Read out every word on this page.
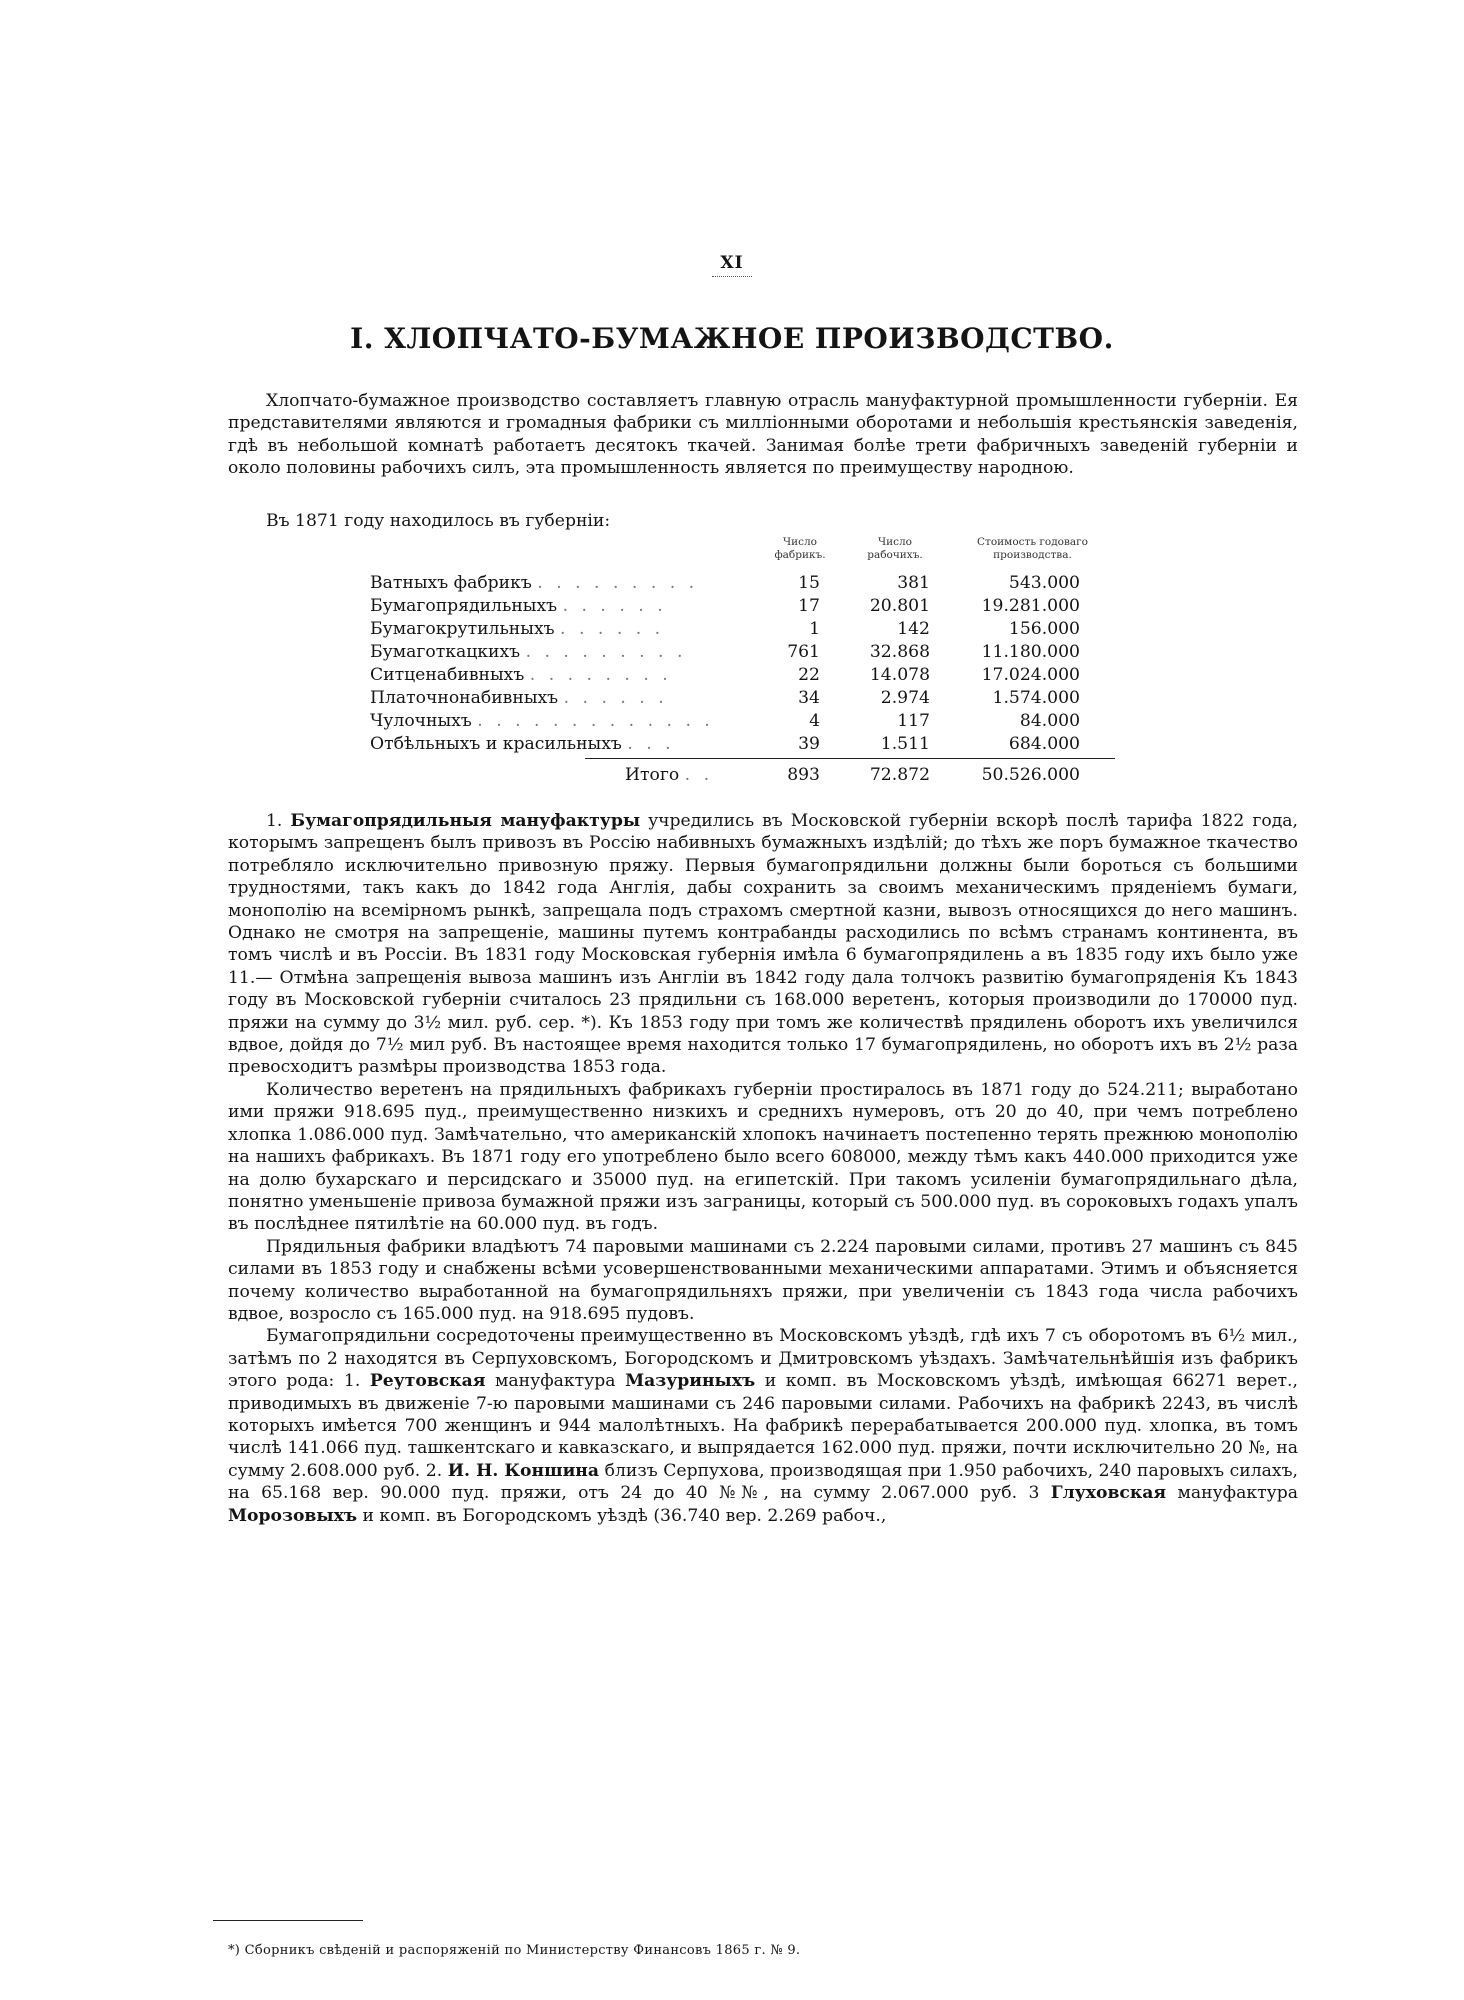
XI
I. ХЛОПЧАТО-БУМАЖНОЕ ПРОИЗВОДСТВО.

Хлопчато-бумажное производство составляетъ главную отрасль мануфактурной промышленности губерніи. Ея представителями являются и громадныя фабрики съ милліонными оборотами и небольшія крестьянскія заведенія, гдѣ въ небольшой комнатѣ работаетъ десятокъ ткачей. Занимая болѣе трети фабричныхъ заведеній губерніи и около половины рабочихъ силъ, эта промышленность является по преимуществу народною.

Въ 1871 году находилось въ губерніи:
Число фабрикъ.
Число рабочихъ.
Стоимость годоваго производства.
Ватныхъ фабрикъ . . . . . . . . .	15	381	543.000
Бумагопрядильныхъ . . . . . .	17	20.801	19.281.000
Бумагокрутильныхъ . . . . . .	1	142	156.000
Бумаготкацкихъ . . . . . . . . .	761	32.868	11.180.000
Ситценабивныхъ . . . . . . . .	22	14.078	17.024.000
Платочнонабивныхъ . . . . . .	34	2.974	1.574.000
Чулочныхъ . . . . . . . . . . . . .	4	117	84.000
Отбѣльныхъ и красильныхъ . . .	39	1.511	684.000
Итого . .	893	72.872	50.526.000

1. Бумагопрядильныя мануфактуры учредились въ Московской губерніи вскорѣ послѣ тарифа 1822 года, которымъ запрещенъ былъ привозъ въ Россію набивныхъ бумажныхъ издѣлій; до тѣхъ же поръ бумажное ткачество потребляло исключительно привозную пряжу. Первыя бумагопрядильни должны были бороться съ большими трудностями, такъ какъ до 1842 года Англія, дабы сохранить за своимъ механическимъ пряденіемъ бумаги, монополію на всемірномъ рынкѣ, запрещала подъ страхомъ смертной казни, вывозъ относящихся до него машинъ. Однако не смотря на запрещеніе, машины путемъ контрабанды расходились по всѣмъ странамъ континента, въ томъ числѣ и въ Россіи. Въ 1831 году Московская губернія имѣла 6 бумагопрядилень а въ 1835 году ихъ было уже 11.— Отмѣна запрещенія вывоза машинъ изъ Англіи въ 1842 году дала толчокъ развитію бумагопряденія Къ 1843 году въ Московской губерніи считалось 23 прядильни съ 168.000 веретенъ, которыя производили до 170000 пуд. пряжи на сумму до 3½ мил. руб. сер. *). Къ 1853 году при томъ же количествѣ прядилень оборотъ ихъ увеличился вдвое, дойдя до 7½ мил руб. Въ настоящее время находится только 17 бумагопрядилень, но оборотъ ихъ въ 2½ раза превосходитъ размѣры производства 1853 года.

Количество веретенъ на прядильныхъ фабрикахъ губерніи простиралось въ 1871 году до 524.211; выработано ими пряжи 918.695 пуд., преимущественно низкихъ и среднихъ нумеровъ, отъ 20 до 40, при чемъ потреблено хлопка 1.086.000 пуд. Замѣчательно, что американскій хлопокъ начинаетъ постепенно терять прежнюю монополію на нашихъ фабрикахъ. Въ 1871 году его употреблено было всего 608000, между тѣмъ какъ 440.000 приходится уже на долю бухарскаго и персидскаго и 35000 пуд. на египетскій. При такомъ усиленіи бумагопрядильнаго дѣла, понятно уменьшеніе привоза бумажной пряжи изъ заграницы, который съ 500.000 пуд. въ сороковыхъ годахъ упалъ въ послѣднее пятилѣтіе на 60.000 пуд. въ годъ.

Прядильныя фабрики владѣютъ 74 паровыми машинами съ 2.224 паровыми силами, противъ 27 машинъ съ 845 силами въ 1853 году и снабжены всѣми усовершенствованными механическими аппаратами. Этимъ и объясняется почему количество выработанной на бумагопрядильняхъ пряжи, при увеличеніи съ 1843 года числа рабочихъ вдвое, возросло съ 165.000 пуд. на 918.695 пудовъ.

Бумагопрядильни сосредоточены преимущественно въ Московскомъ уѣздѣ, гдѣ ихъ 7 съ оборотомъ въ 6½ мил., затѣмъ по 2 находятся въ Серпуховскомъ, Богородскомъ и Дмитровскомъ уѣздахъ. Замѣчательнѣйшія изъ фабрикъ этого рода: 1. Реутовская мануфактура Мазуриныхъ и комп. въ Московскомъ уѣздѣ, имѣющая 66271 верет., приводимыхъ въ движеніе 7-ю паровыми машинами съ 246 паровыми силами. Рабочихъ на фабрикѣ 2243, въ числѣ которыхъ имѣется 700 женщинъ и 944 малолѣтныхъ. На фабрикѣ перерабатывается 200.000 пуд. хлопка, въ томъ числѣ 141.066 пуд. ташкентскаго и кавказскаго, и выпрядается 162.000 пуд. пряжи, почти исключительно 20 №, на сумму 2.608.000 руб. 2. И. Н. Коншина близъ Серпухова, производящая при 1.950 рабочихъ, 240 паровыхъ силахъ, на 65.168 вер. 90.000 пуд. пряжи, отъ 24 до 40 №№, на сумму 2.067.000 руб. 3 Глуховская мануфактура Морозовыхъ и комп. въ Богородскомъ уѣздѣ (36.740 вер. 2.269 рабоч.,

*) Сборникъ свѣденій и распоряженій по Министерству Финансовъ 1865 г. № 9.
